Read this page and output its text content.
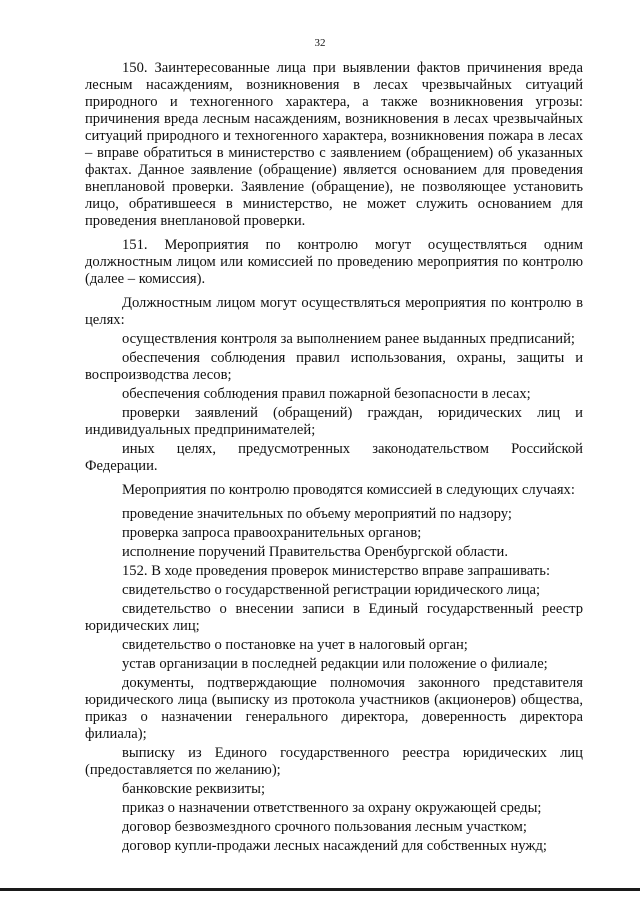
32

150. Заинтересованные лица при выявлении фактов причинения вреда лесным насаждениям, возникновения в лесах чрезвычайных ситуаций природного и техногенного характера, а также возникновения угрозы: причинения вреда лесным насаждениям, возникновения в лесах чрезвычайных ситуаций природного и техногенного характера, возникновения пожара в лесах – вправе обратиться в министерство с заявлением (обращением) об указанных фактах. Данное заявление (обращение) является основанием для проведения внеплановой проверки. Заявление (обращение), не позволяющее установить лицо, обратившееся в министерство, не может служить основанием для проведения внеплановой проверки.

151. Мероприятия по контролю могут осуществляться одним должностным лицом или комиссией по проведению мероприятия по контролю (далее – комиссия).

Должностным лицом могут осуществляться мероприятия по контролю в целях:

осуществления контроля за выполнением ранее выданных предписаний;

обеспечения соблюдения правил использования, охраны, защиты и воспроизводства лесов;

обеспечения соблюдения правил пожарной безопасности в лесах;

проверки заявлений (обращений) граждан, юридических лиц и индивидуальных предпринимателей;

иных целях, предусмотренных законодательством Российской Федерации.

Мероприятия по контролю проводятся комиссией в следующих случаях:

проведение значительных по объему мероприятий по надзору;

проверка запроса правоохранительных органов;

исполнение поручений Правительства Оренбургской области.

152. В ходе проведения проверок министерство вправе запрашивать:

свидетельство о государственной регистрации юридического лица;

свидетельство о внесении записи в Единый государственный реестр юридических лиц;

свидетельство о постановке на учет в налоговый орган;

устав организации в последней редакции или положение о филиале;

документы, подтверждающие полномочия законного представителя юридического лица (выписку из протокола участников (акционеров) общества, приказ о назначении генерального директора, доверенность директора филиала);

выписку из Единого государственного реестра юридических лиц (предоставляется по желанию);

банковские реквизиты;

приказ о назначении ответственного за охрану окружающей среды;

договор безвозмездного срочного пользования лесным участком;

договор купли-продажи лесных насаждений для собственных нужд;
